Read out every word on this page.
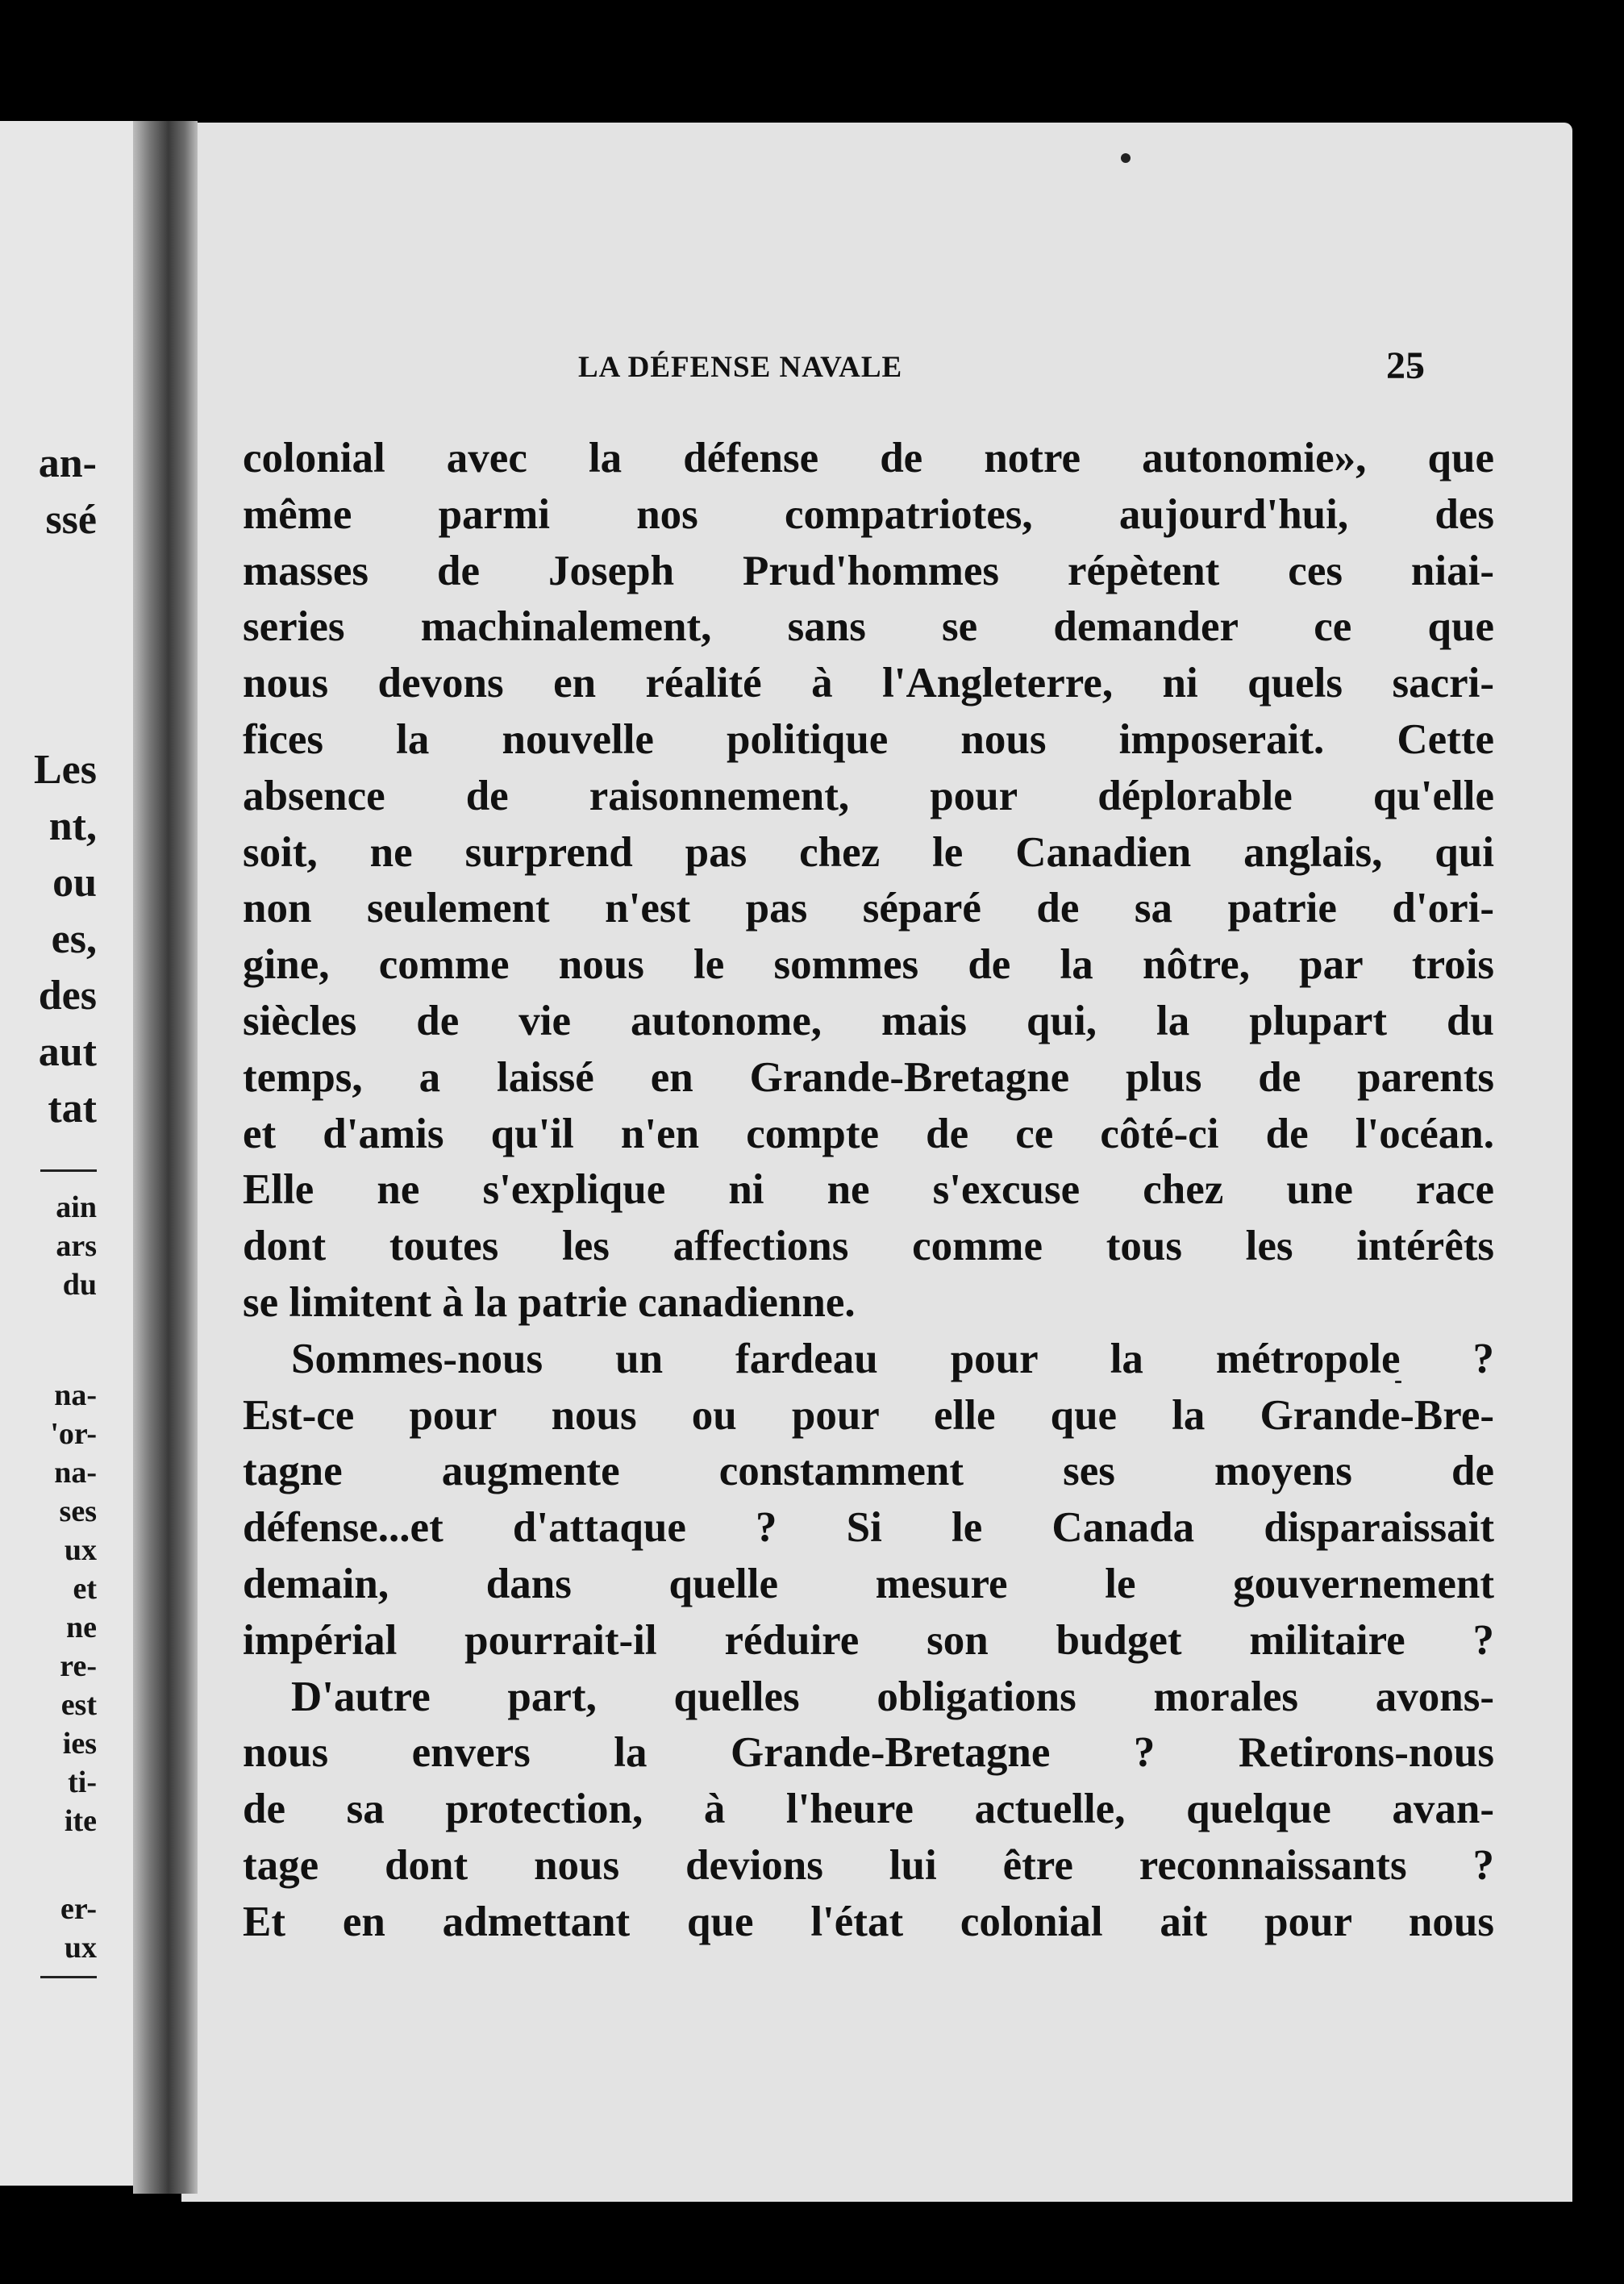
an-
ssé
Les
nt,
ou
es,
des
aut
tat
ain
ars
du
na-
'or-
na-
ses
ux
et
ne
re-
est
ies
ti-
ite
er-
ux
LA DÉFENSE NAVALE	25
colonial avec la défense de notre autonomie», que
même parmi nos compatriotes, aujourd'hui, des
masses de Joseph Prud'hommes répètent ces niai-
series machinalement, sans se demander ce que
nous devons en réalité à l'Angleterre, ni quels sacri-
fices la nouvelle politique nous imposerait. Cette
absence de raisonnement, pour déplorable qu'elle
soit, ne surprend pas chez le Canadien anglais, qui
non seulement n'est pas séparé de sa patrie d'ori-
gine, comme nous le sommes de la nôtre, par trois
siècles de vie autonome, mais qui, la plupart du
temps, a laissé en Grande-Bretagne plus de parents
et d'amis qu'il n'en compte de ce côté-ci de l'océan.
Elle ne s'explique ni ne s'excuse chez une race
dont toutes les affections comme tous les intérêts
se limitent à la patrie canadienne.
Sommes-nous un fardeau pour la métropole ?
Est-ce pour nous ou pour elle que la Grande-Bre-
tagne augmente constamment ses moyens de
défense...et d'attaque ? Si le Canada disparaissait
demain, dans quelle mesure le gouvernement
impérial pourrait-il réduire son budget militaire ?
D'autre part, quelles obligations morales avons-
nous envers la Grande-Bretagne ? Retirons-nous
de sa protection, à l'heure actuelle, quelque avan-
tage dont nous devions lui être reconnaissants ?
Et en admettant que l'état colonial ait pour nous
